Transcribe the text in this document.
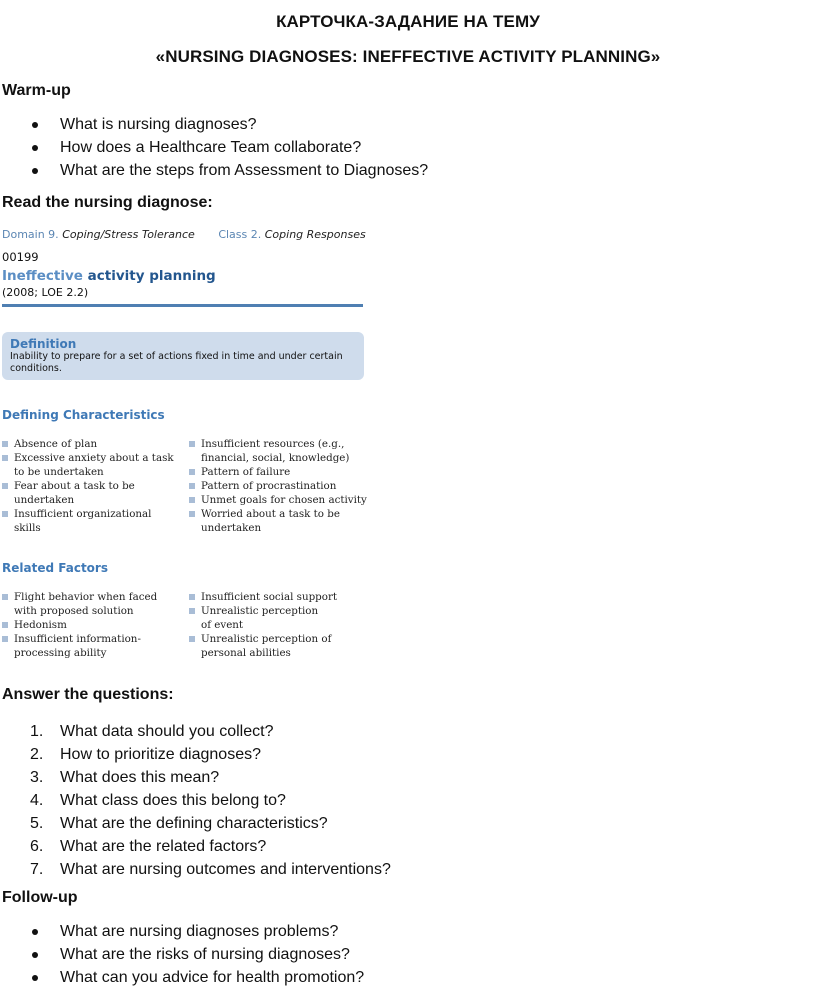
КАРТОЧКА-ЗАДАНИЕ НА ТЕМУ
«NURSING DIAGNOSES: INEFFECTIVE ACTIVITY PLANNING»
Warm-up
What is nursing diagnoses?
How does a Healthcare Team collaborate?
What are the steps from Assessment to Diagnoses?
Read the nursing diagnose:
Domain 9. Coping/Stress Tolerance Class 2. Coping Responses
00199
Ineffective activity planning
(2008; LOE 2.2)
Definition
Inability to prepare for a set of actions fixed in time and under certain conditions.
Defining Characteristics
Absence of plan
Excessive anxiety about a task
to be undertaken
Fear about a task to be
undertaken
Insufficient organizational
skills
Insufficient resources (e.g.,
financial, social, knowledge)
Pattern of failure
Pattern of procrastination
Unmet goals for chosen activity
Worried about a task to be
undertaken
Related Factors
Flight behavior when faced
with proposed solution
Hedonism
Insufficient information-
processing ability
Insufficient social support
Unrealistic perception
of event
Unrealistic perception of
personal abilities
Answer the questions:
1.	What data should you collect?
2.	How to prioritize diagnoses?
3.	What does this mean?
4.	What class does this belong to?
5.	What are the defining characteristics?
6.	What are the related factors?
7.	What are nursing outcomes and interventions?
Follow-up
What are nursing diagnoses problems?
What are the risks of nursing diagnoses?
What can you advice for health promotion?
